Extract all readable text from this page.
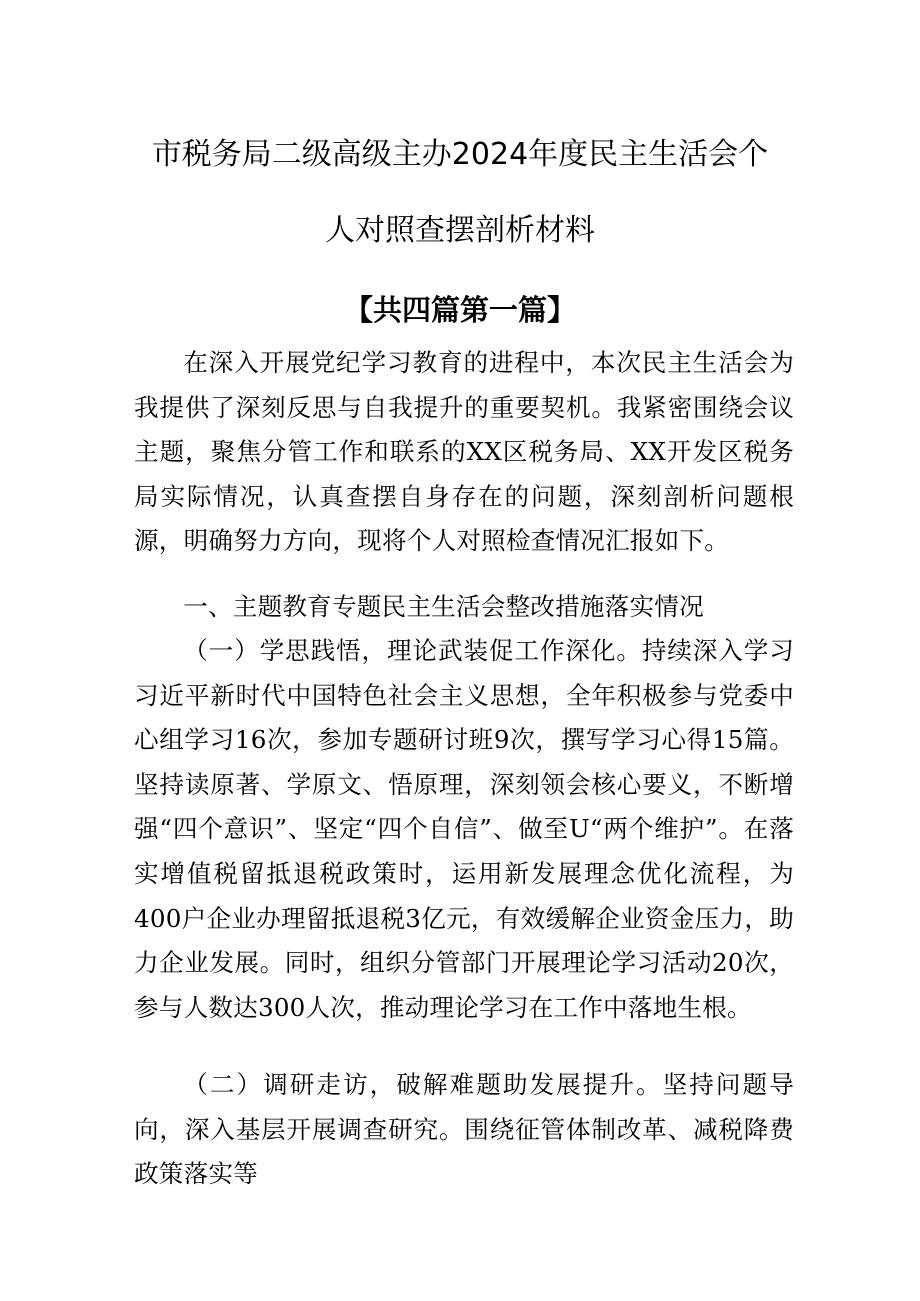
市税务局二级高级主办2024年度民主生活会个
人对照查摆剖析材料
【共四篇第一篇】

在深入开展党纪学习教育的进程中，本次民主生活会为我提供了深刻反思与自我提升的重要契机。我紧密围绕会议主题，聚焦分管工作和联系的XX区税务局、XX开发区税务局实际情况，认真查摆自身存在的问题，深刻剖析问题根源，明确努力方向，现将个人对照检查情况汇报如下。

一、主题教育专题民主生活会整改措施落实情况

（一）学思践悟，理论武装促工作深化。持续深入学习习近平新时代中国特色社会主义思想，全年积极参与党委中心组学习16次，参加专题研讨班9次，撰写学习心得15篇。坚持读原著、学原文、悟原理，深刻领会核心要义，不断增强“四个意识”、坚定“四个自信”、做至U“两个维护”。在落实增值税留抵退税政策时，运用新发展理念优化流程，为400户企业办理留抵退税3亿元，有效缓解企业资金压力，助力企业发展。同时，组织分管部门开展理论学习活动20次，参与人数达300人次，推动理论学习在工作中落地生根。

（二）调研走访，破解难题助发展提升。坚持问题导向，深入基层开展调查研究。围绕征管体制改革、减税降费政策落实等
